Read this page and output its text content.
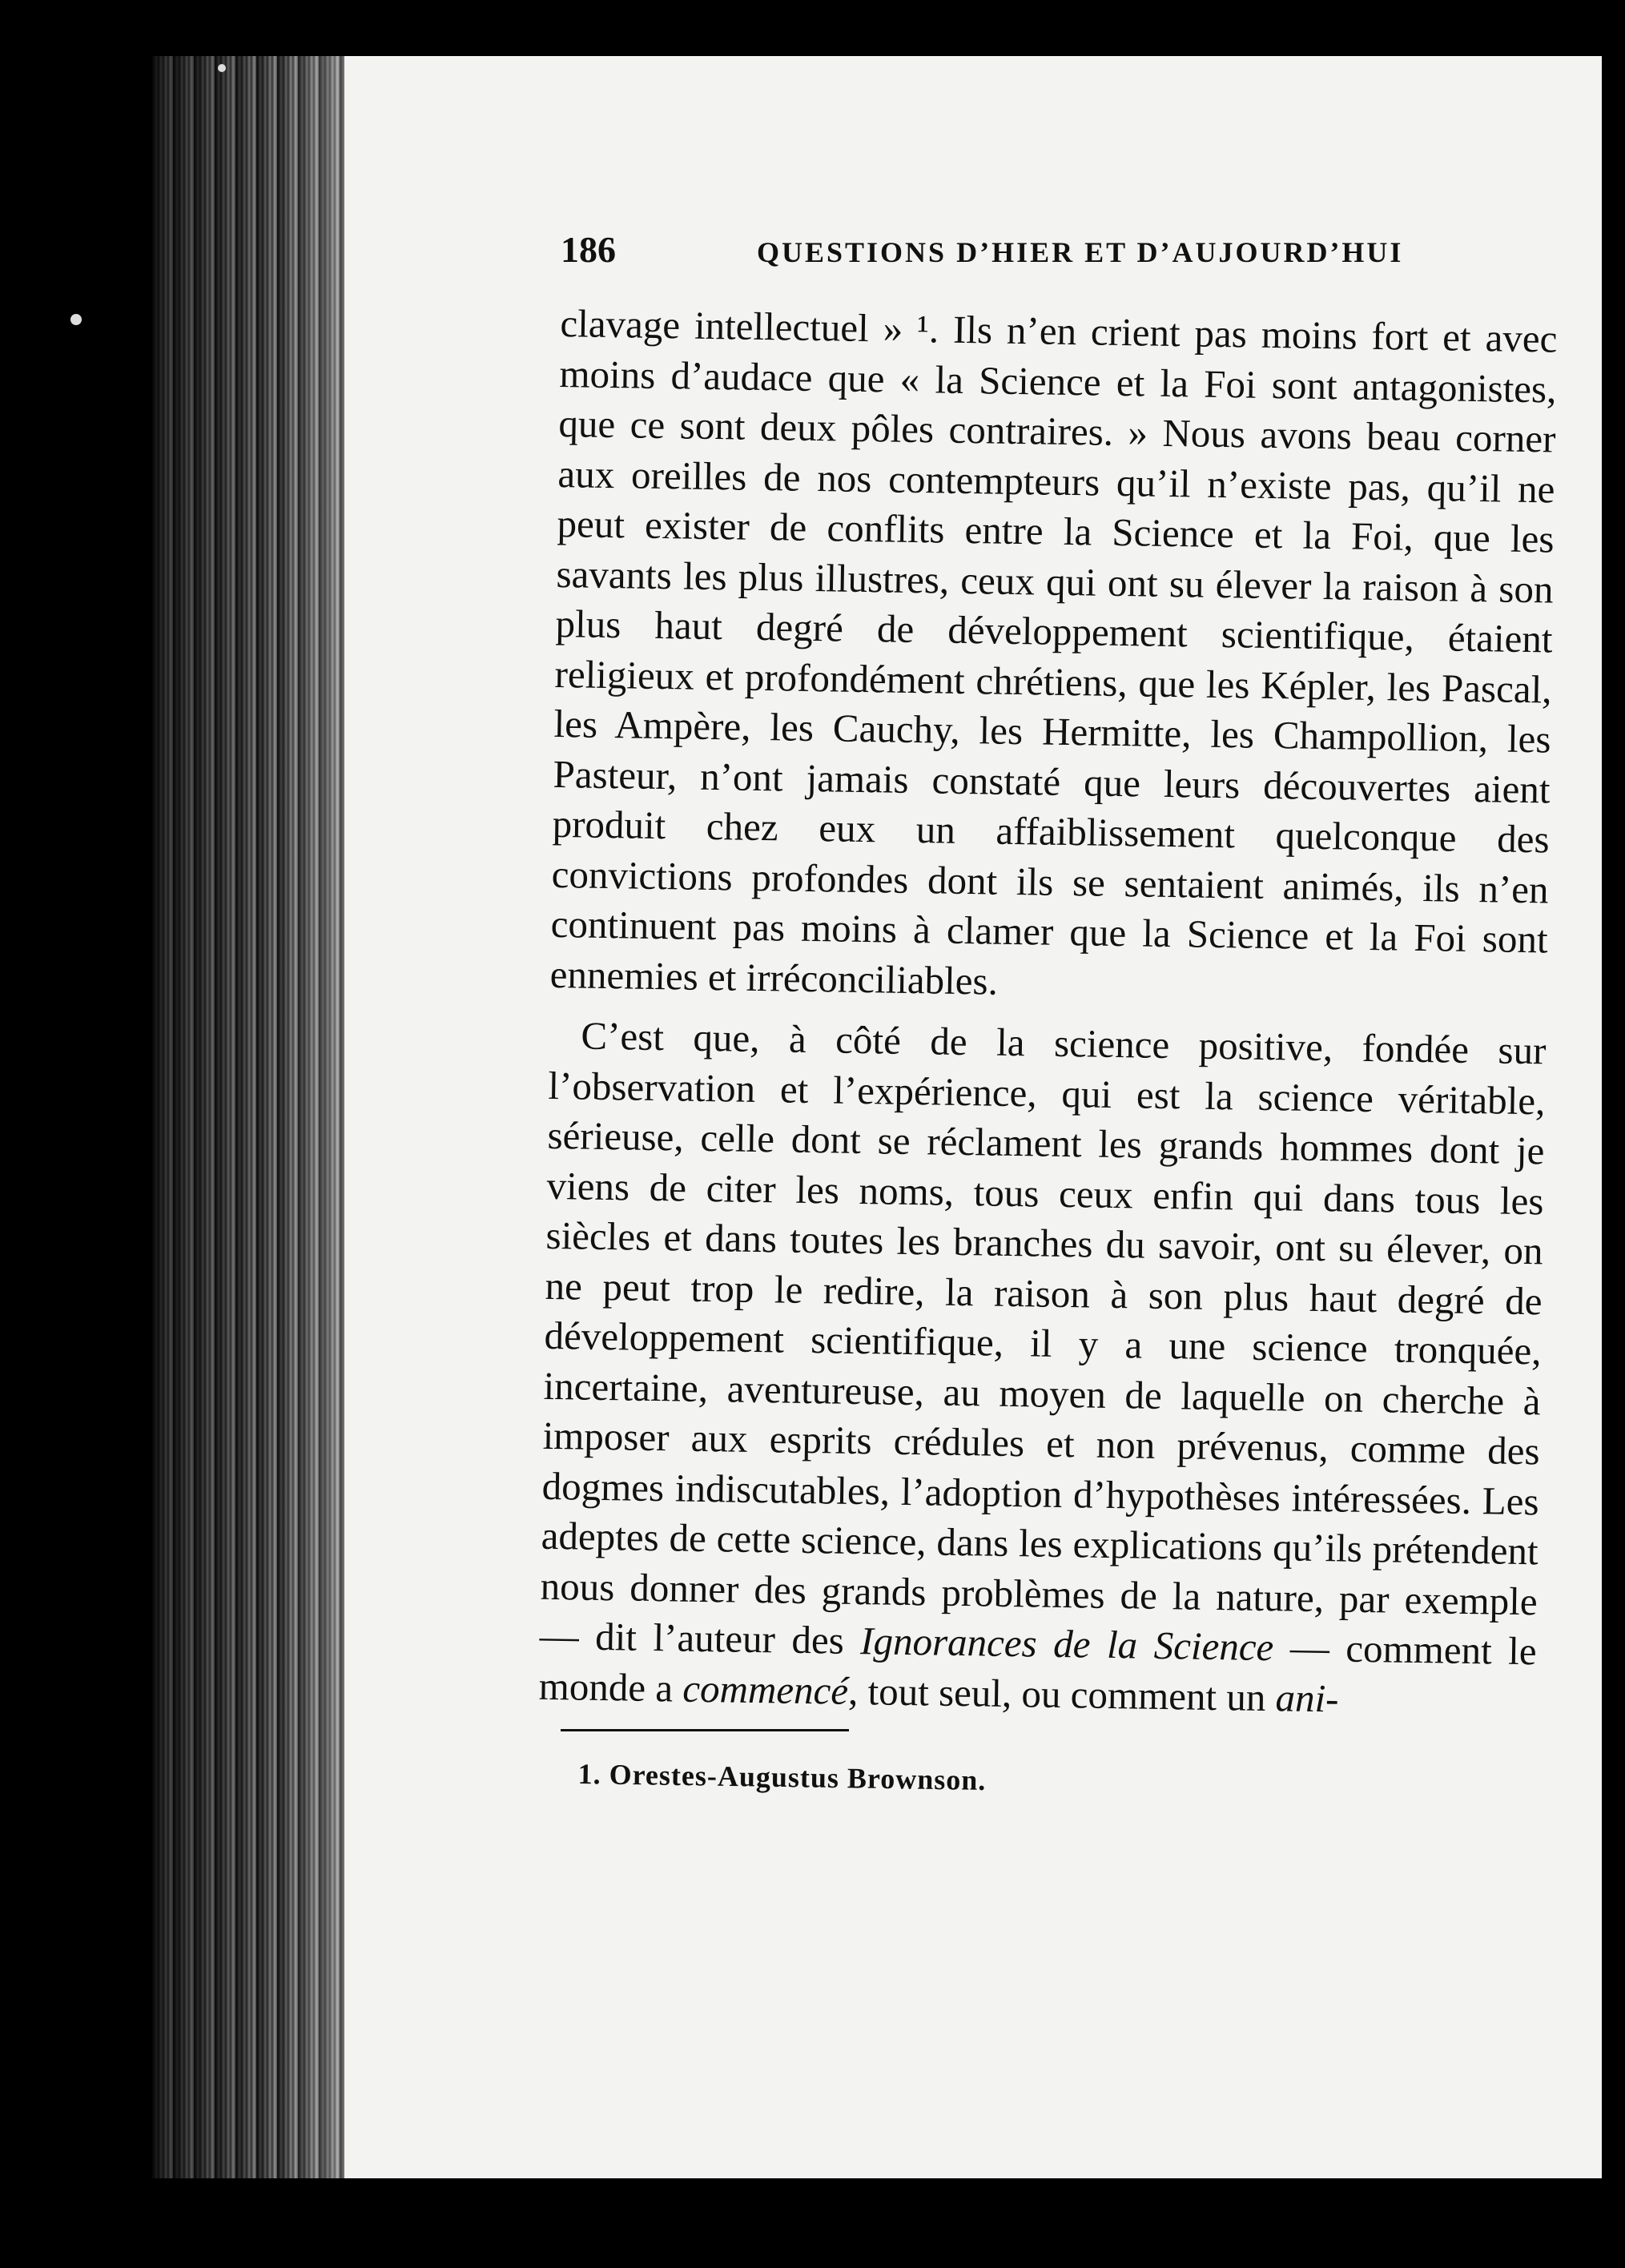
186	QUESTIONS D’HIER ET D’AUJOURD’HUI

clavage intellectuel » ¹. Ils n’en crient pas moins fort et avec moins d’audace que « la Science et la Foi sont antagonistes, que ce sont deux pôles contraires. » Nous avons beau corner aux oreilles de nos contempteurs qu’il n’existe pas, qu’il ne peut exister de conflits entre la Science et la Foi, que les savants les plus illustres, ceux qui ont su élever la raison à son plus haut degré de développement scientifique, étaient religieux et profondément chrétiens, que les Képler, les Pascal, les Ampère, les Cauchy, les Hermitte, les Champollion, les Pasteur, n’ont jamais constaté que leurs découvertes aient produit chez eux un affaiblissement quelconque des convictions profondes dont ils se sentaient animés, ils n’en continuent pas moins à clamer que la Science et la Foi sont ennemies et irréconciliables.

C’est que, à côté de la science positive, fondée sur l’observation et l’expérience, qui est la science véritable, sérieuse, celle dont se réclament les grands hommes dont je viens de citer les noms, tous ceux enfin qui dans tous les siècles et dans toutes les branches du savoir, ont su élever, on ne peut trop le redire, la raison à son plus haut degré de développement scientifique, il y a une science tronquée, incertaine, aventureuse, au moyen de laquelle on cherche à imposer aux esprits crédules et non prévenus, comme des dogmes indiscutables, l’adoption d’hypothèses intéressées. Les adeptes de cette science, dans les explications qu’ils prétendent nous donner des grands problèmes de la nature, par exemple — dit l’auteur des Ignorances de la Science — comment le monde a commencé, tout seul, ou comment un ani-

1. Orestes-Augustus Brownson.
